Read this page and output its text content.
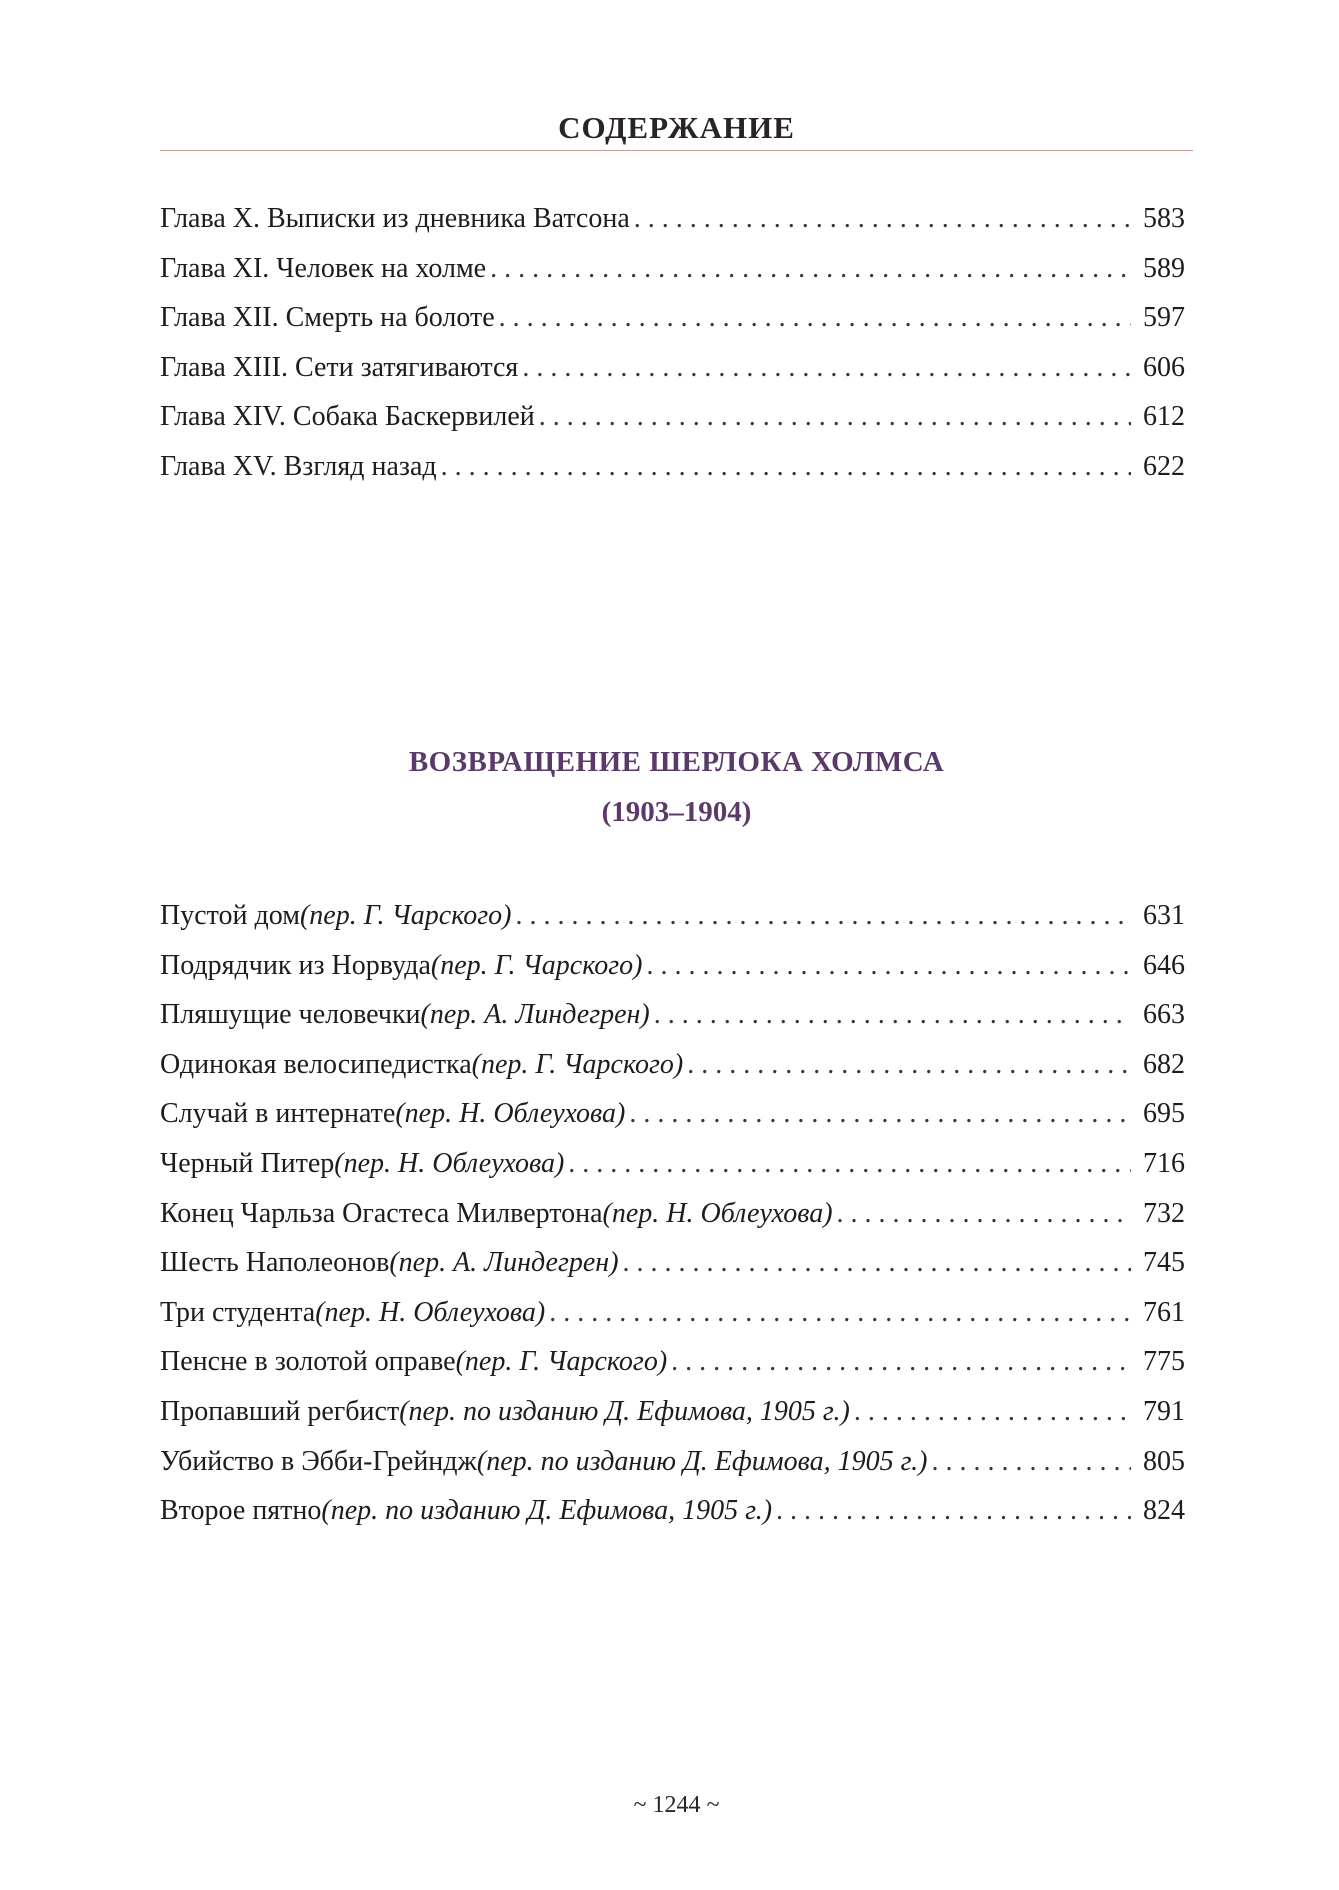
СОДЕРЖАНИЕ
Глава X. Выписки из дневника Ватсона . . .	583
Глава XI. Человек на холме . . .	589
Глава XII. Смерть на болоте . . .	597
Глава XIII. Сети затягиваются . . .	606
Глава XIV. Собака Баскервилей . . .	612
Глава XV. Взгляд назад . . .	622
ВОЗВРАЩЕНИЕ ШЕРЛОКА ХОЛМСА
(1903–1904)
Пустой дом (пер. Г. Чарского) . . .	631
Подрядчик из Норвуда (пер. Г. Чарского) . . .	646
Пляшущие человечки (пер. А. Линдегрен) . . .	663
Одинокая велосипедистка (пер. Г. Чарского) . . .	682
Случай в интернате (пер. Н. Облеухова) . . .	695
Черный Питер (пер. Н. Облеухова) . . .	716
Конец Чарльза Огастеса Милвертона (пер. Н. Облеухова) . . .	732
Шесть Наполеонов (пер. А. Линдегрен) . . .	745
Три студента (пер. Н. Облеухова) . . .	761
Пенсне в золотой оправе (пер. Г. Чарского) . . .	775
Пропавший регбист (пер. по изданию Д. Ефимова, 1905 г.) . . .	791
Убийство в Эбби-Грейндж (пер. по изданию Д. Ефимова, 1905 г.) . . .	805
Второе пятно (пер. по изданию Д. Ефимова, 1905 г.) . . .	824
~ 1244 ~
